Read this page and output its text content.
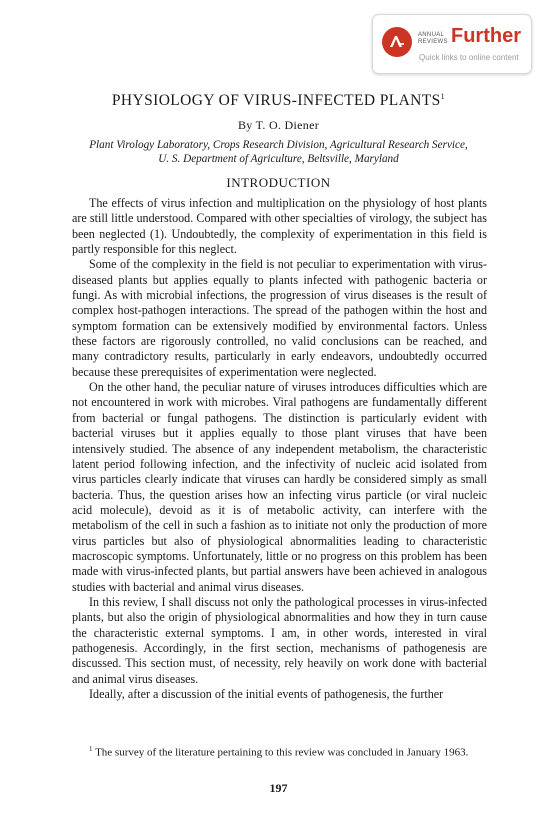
ANNUAL
REVIEWS Further
Quick links to online content
PHYSIOLOGY OF VIRUS-INFECTED PLANTS$^1$
By T. O. Diener
Plant Virology Laboratory, Crops Research Division, Agricultural Research Service,
U. S. Department of Agriculture, Beltsville, Maryland
INTRODUCTION

The effects of virus infection and multiplication on the physiology of host plants are still little understood. Compared with other specialties of virology, the subject has been neglected (1). Undoubtedly, the complexity of experimentation in this field is partly responsible for this neglect.

Some of the complexity in the field is not peculiar to experimentation with virus-diseased plants but applies equally to plants infected with pathogenic bacteria or fungi. As with microbial infections, the progression of virus diseases is the result of complex host-pathogen interactions. The spread of the pathogen within the host and symptom formation can be extensively modified by environmental factors. Unless these factors are rigorously controlled, no valid conclusions can be reached, and many contradictory results, particularly in early endeavors, undoubtedly occurred because these prerequisites of experimentation were neglected.

On the other hand, the peculiar nature of viruses introduces difficulties which are not encountered in work with microbes. Viral pathogens are fundamentally different from bacterial or fungal pathogens. The distinction is particularly evident with bacterial viruses but it applies equally to those plant viruses that have been intensively studied. The absence of any independent metabolism, the characteristic latent period following infection, and the infectivity of nucleic acid isolated from virus particles clearly indicate that viruses can hardly be considered simply as small bacteria. Thus, the question arises how an infecting virus particle (or viral nucleic acid molecule), devoid as it is of metabolic activity, can interfere with the metabolism of the cell in such a fashion as to initiate not only the production of more virus particles but also of physiological abnormalities leading to characteristic macroscopic symptoms. Unfortunately, little or no progress on this problem has been made with virus-infected plants, but partial answers have been achieved in analogous studies with bacterial and animal virus diseases.

In this review, I shall discuss not only the pathological processes in virus-infected plants, but also the origin of physiological abnormalities and how they in turn cause the characteristic external symptoms. I am, in other words, interested in viral pathogenesis. Accordingly, in the first section, mechanisms of pathogenesis are discussed. This section must, of necessity, rely heavily on work done with bacterial and animal virus diseases.

Ideally, after a discussion of the initial events of pathogenesis, the further

$^1$ The survey of the literature pertaining to this review was concluded in January 1963.

197
